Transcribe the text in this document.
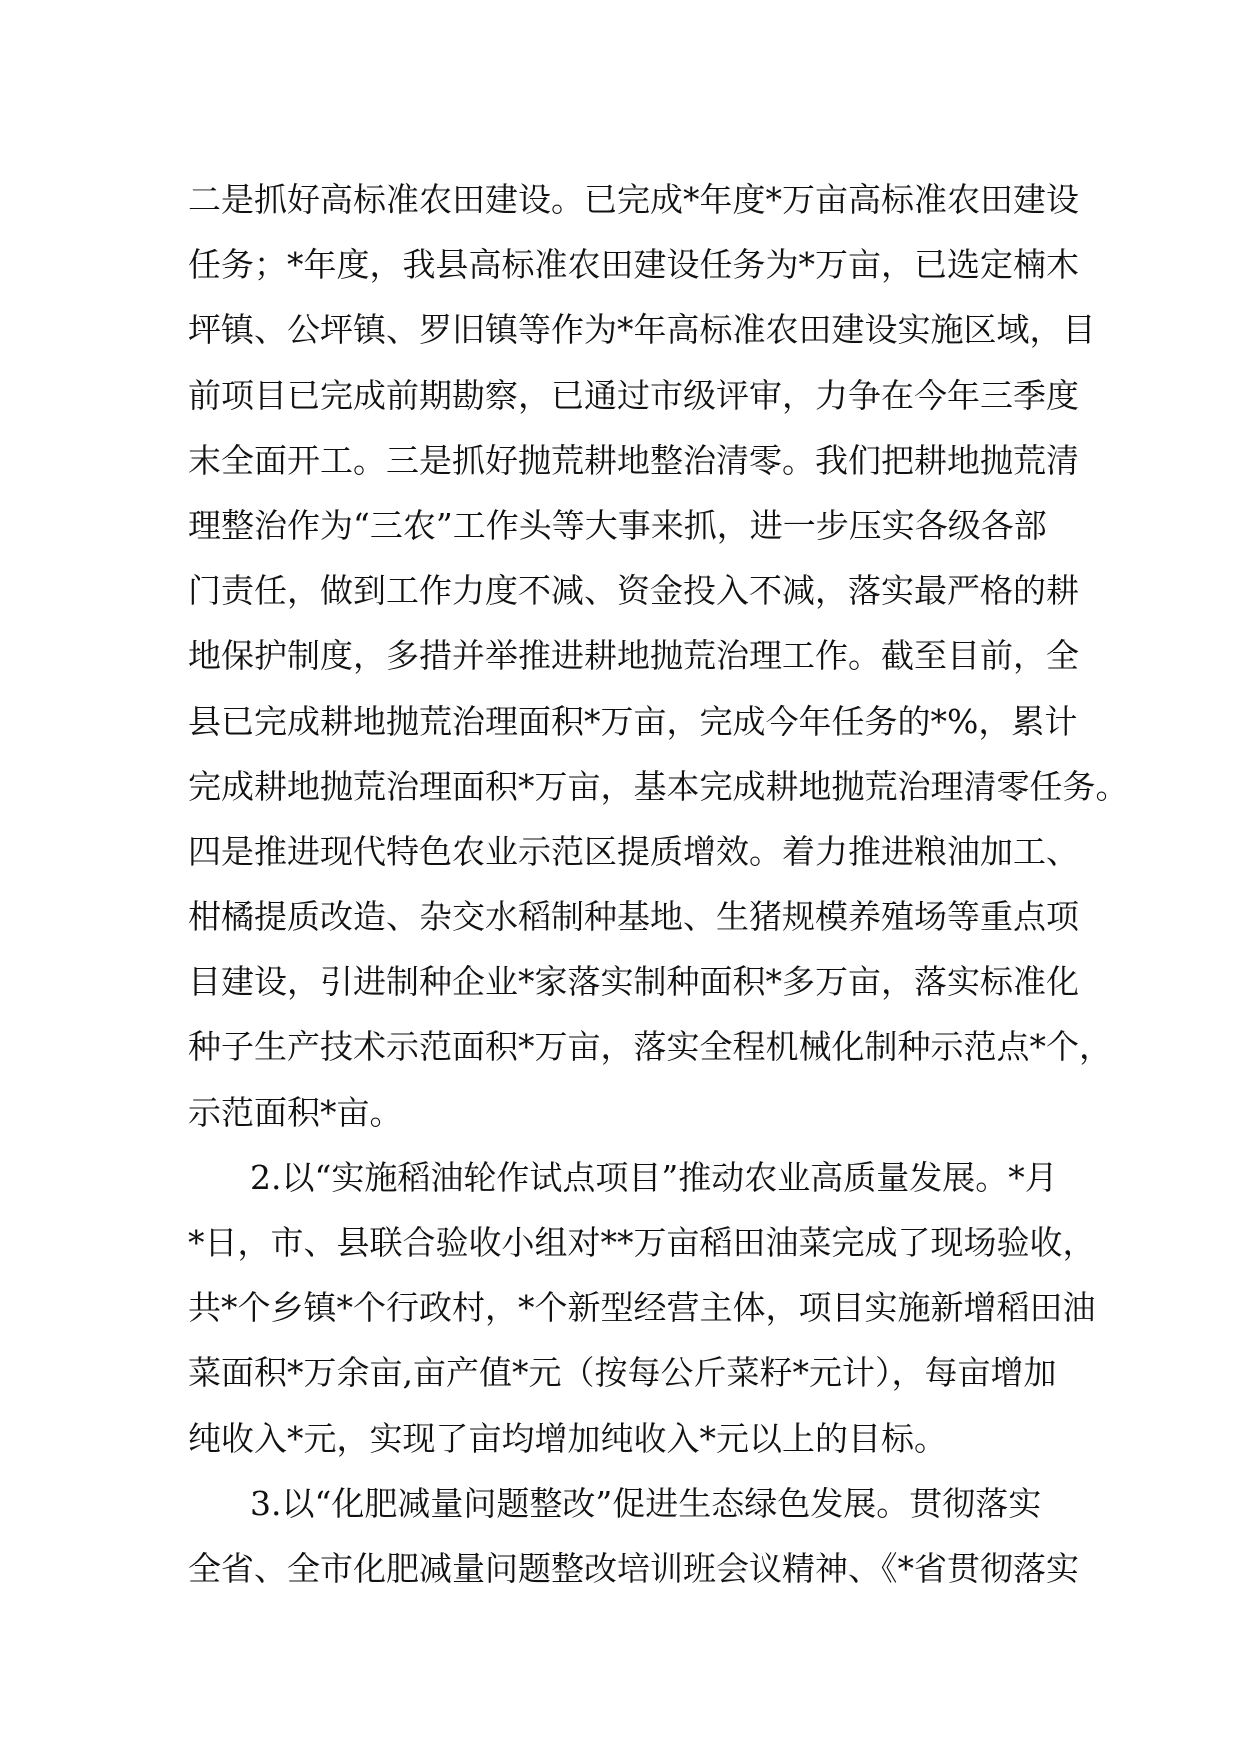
二是抓好高标准农田建设。已完成*年度*万亩高标准农田建设
任务；*年度，我县高标准农田建设任务为*万亩，已选定楠木
坪镇、公坪镇、罗旧镇等作为*年高标准农田建设实施区域，目
前项目已完成前期勘察，已通过市级评审，力争在今年三季度
末全面开工。三是抓好抛荒耕地整治清零。我们把耕地抛荒清
理整治作为“三农”工作头等大事来抓，进一步压实各级各部
门责任，做到工作力度不减、资金投入不减，落实最严格的耕
地保护制度，多措并举推进耕地抛荒治理工作。截至目前，全
县已完成耕地抛荒治理面积*万亩，完成今年任务的*%，累计
完成耕地抛荒治理面积*万亩，基本完成耕地抛荒治理清零任务。
四是推进现代特色农业示范区提质增效。着力推进粮油加工、
柑橘提质改造、杂交水稻制种基地、生猪规模养殖场等重点项
目建设，引进制种企业*家落实制种面积*多万亩，落实标准化
种子生产技术示范面积*万亩，落实全程机械化制种示范点*个，
示范面积*亩。
2.以“实施稻油轮作试点项目”推动农业高质量发展。*月
*日，市、县联合验收小组对**万亩稻田油菜完成了现场验收，
共*个乡镇*个行政村，*个新型经营主体，项目实施新增稻田油
菜面积*万余亩,亩产值*元（按每公斤菜籽*元计），每亩增加
纯收入*元，实现了亩均增加纯收入*元以上的目标。
3.以“化肥减量问题整改”促进生态绿色发展。贯彻落实
全省、全市化肥减量问题整改培训班会议精神、《*省贯彻落实
